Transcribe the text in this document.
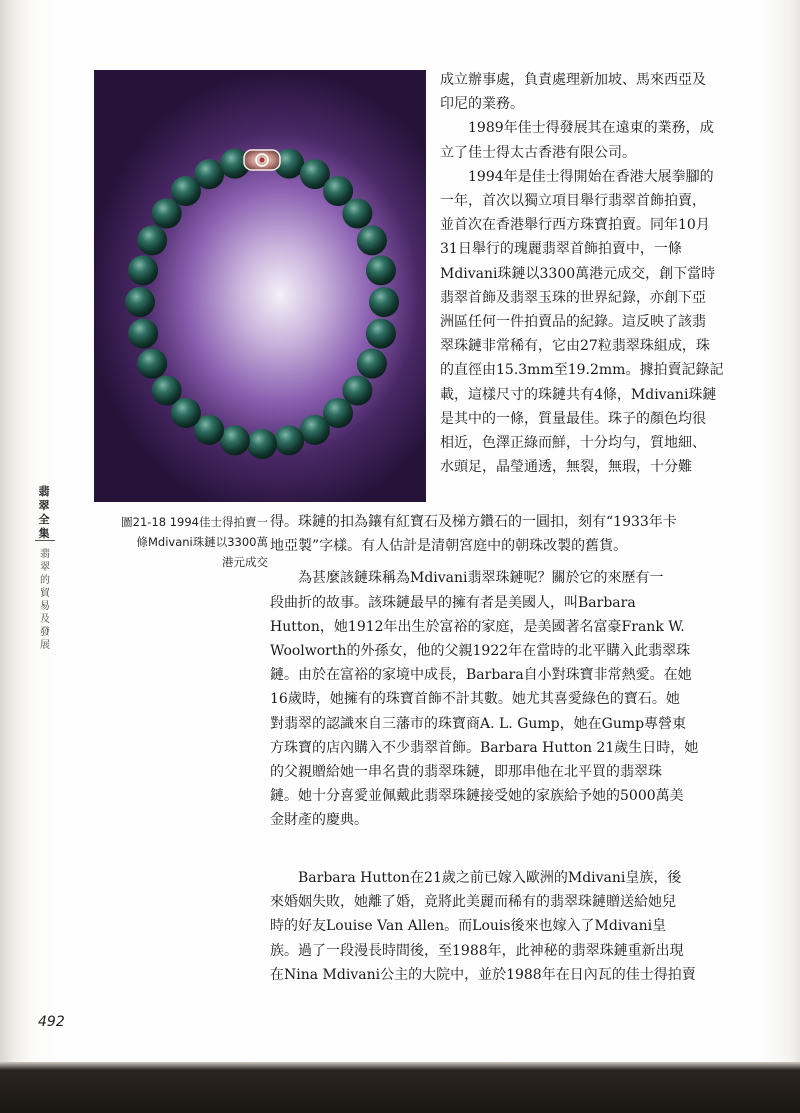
圖21-18 1994佳士得拍賣一
條Mdivani珠鏈以3300萬
港元成交
翡
翠
全
集
翡
翠
的
貿
易
及
發
展
成立辦事處，負責處理新加坡、馬來西亞及
印尼的業務。
　　1989年佳士得發展其在遠東的業務，成
立了佳士得太古香港有限公司。
　　1994年是佳士得開始在香港大展拳腳的
一年，首次以獨立項目舉行翡翠首飾拍賣，
並首次在香港舉行西方珠寶拍賣。同年10月
31日舉行的瑰麗翡翠首飾拍賣中，一條
Mdivani珠鏈以3300萬港元成交，創下當時
翡翠首飾及翡翠玉珠的世界紀錄，亦創下亞
洲區任何一件拍賣品的紀錄。這反映了該翡
翠珠鏈非常稀有，它由27粒翡翠珠組成，珠
的直徑由15.3mm至19.2mm。據拍賣記錄記
載，這樣尺寸的珠鏈共有4條，Mdivani珠鏈
是其中的一條，質量最佳。珠子的顏色均很
相近，色澤正綠而鮮，十分均勻，質地細、
水頭足，晶瑩通透，無裂，無瑕，十分難
得。珠鏈的扣為鑲有紅寶石及梯方鑽石的一圓扣，刻有“1933年卡
地亞製”字樣。有人估計是清朝宮庭中的朝珠改製的舊貨。
　　為甚麼該鏈珠稱為Mdivani翡翠珠鏈呢？關於它的來歷有一
段曲折的故事。該珠鏈最早的擁有者是美國人，叫Barbara
Hutton，她1912年出生於富裕的家庭，是美國著名富豪Frank W.
Woolworth的外孫女，他的父親1922年在當時的北平購入此翡翠珠
鏈。由於在富裕的家境中成長，Barbara自小對珠寶非常熱愛。在她
16歲時，她擁有的珠寶首飾不計其數。她尤其喜愛綠色的寶石。她
對翡翠的認識來自三藩市的珠寶商A. L. Gump，她在Gump專營東
方珠寶的店內購入不少翡翠首飾。Barbara Hutton 21歲生日時，她
的父親贈給她一串名貴的翡翠珠鏈，即那串他在北平買的翡翠珠
鏈。她十分喜愛並佩戴此翡翠珠鏈接受她的家族給予她的5000萬美
金財產的慶典。
　　Barbara Hutton在21歲之前已嫁入歐洲的Mdivani皇族，後
來婚姻失敗，她離了婚，竟將此美麗而稀有的翡翠珠鏈贈送給她兒
時的好友Louise Van Allen。而Louis後來也嫁入了Mdivani皇
族。過了一段漫長時間後，至1988年，此神秘的翡翠珠鏈重新出現
在Nina Mdivani公主的大院中，並於1988年在日內瓦的佳士得拍賣
492
